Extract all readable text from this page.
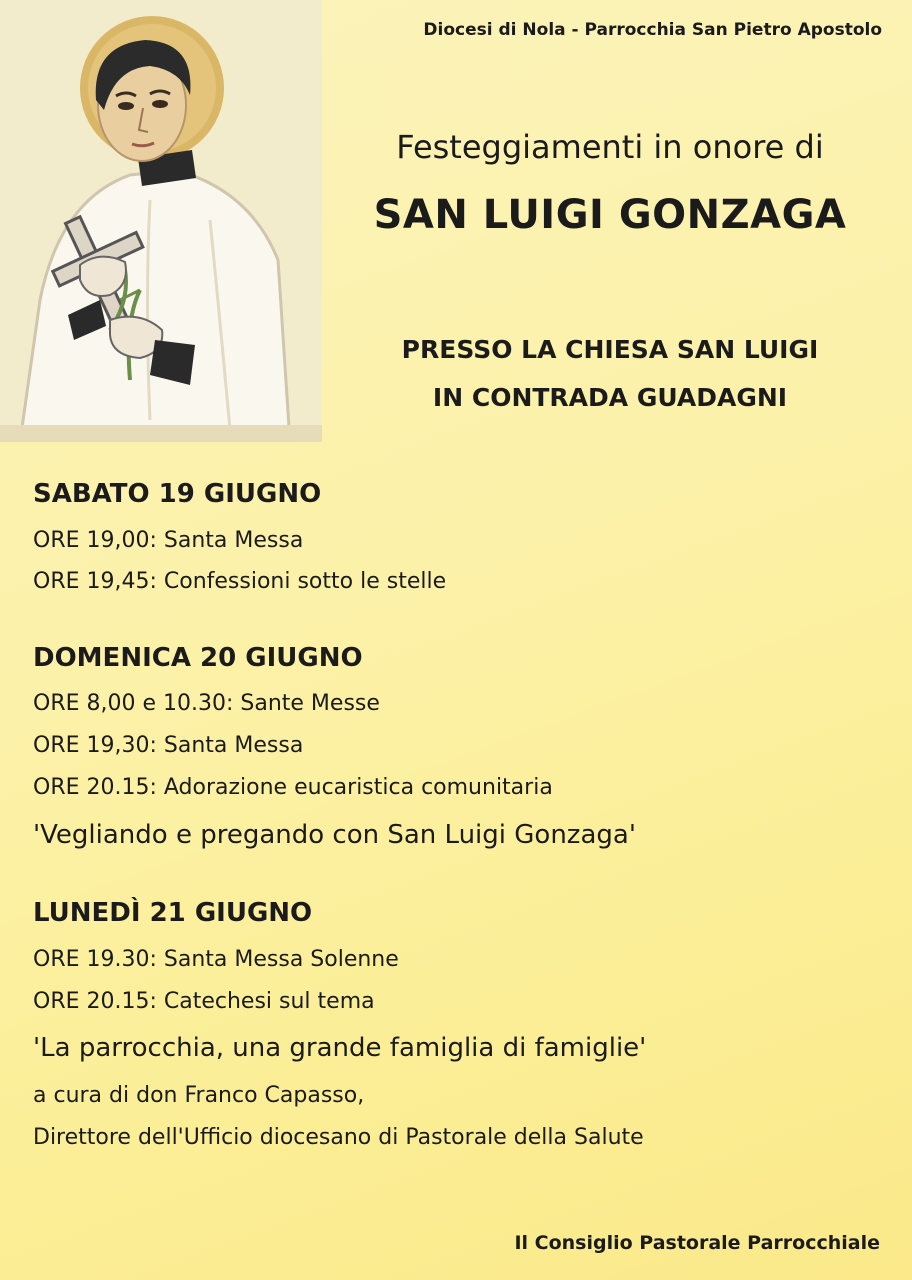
Diocesi di Nola - Parrocchia San Pietro Apostolo
Festeggiamenti in onore di
SAN LUIGI GONZAGA
PRESSO LA CHIESA SAN LUIGI
IN CONTRADA GUADAGNI
SABATO 19 GIUGNO
ORE 19,00: Santa Messa
ORE 19,45: Confessioni sotto le stelle
DOMENICA 20 GIUGNO
ORE 8,00 e 10.30: Sante Messe
ORE 19,30: Santa Messa
ORE 20.15: Adorazione eucaristica comunitaria
'Vegliando e pregando con San Luigi Gonzaga'
LUNEDÌ 21 GIUGNO
ORE 19.30: Santa Messa Solenne
ORE 20.15: Catechesi sul tema
'La parrocchia, una grande famiglia di famiglie'
a cura di don Franco Capasso,
Direttore dell'Ufficio diocesano di Pastorale della Salute
Il Consiglio Pastorale Parrocchiale
